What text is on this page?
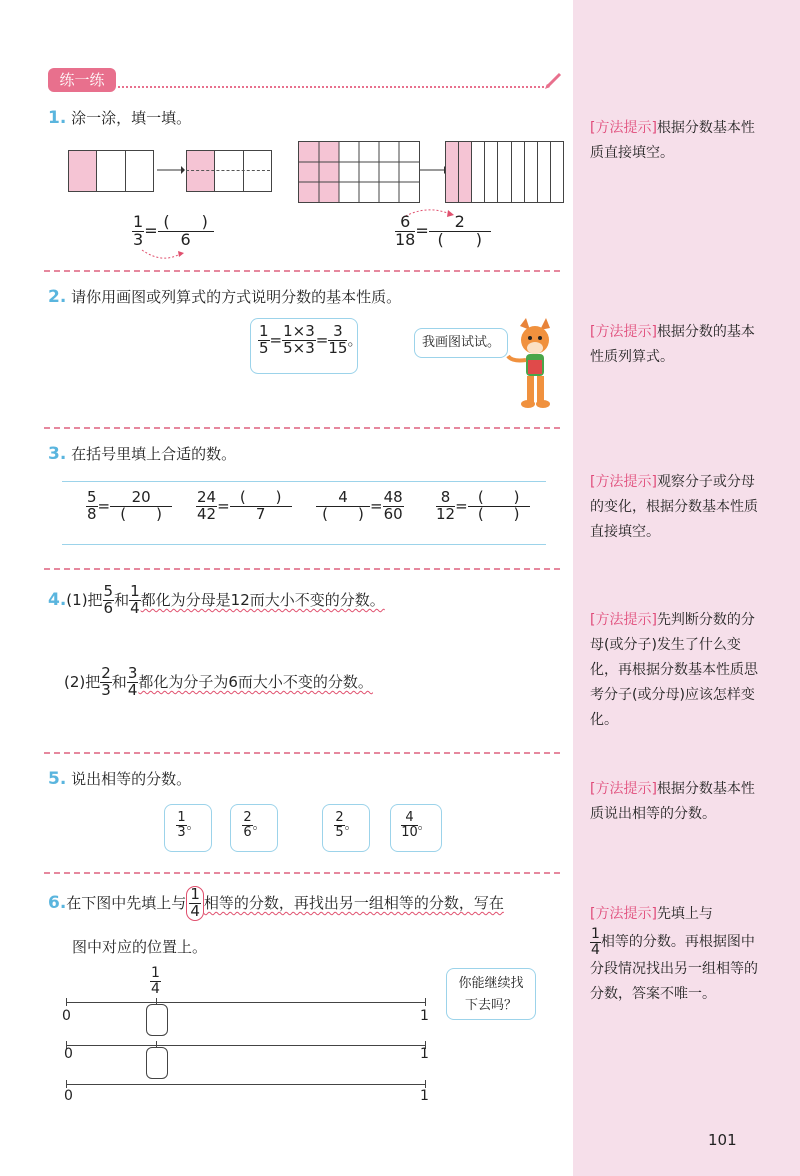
练一练
1. 涂一涂，填一填。
$\frac{1}{3} = \frac{( )}{6}$	$\frac{6}{18} = \frac{2}{( )}$
2. 请你用画图或列算式的方式说明分数的基本性质。
$\frac{1}{5} = \frac{1\times 3}{5\times 3} = \frac{3}{15}$ 。	我画图试试。
3. 在括号里填上合适的数。
$\frac{5}{8} = \frac{20}{( )} \frac{24}{42} = \frac{( )}{7} \frac{4}{( )} = \frac{48}{60} \frac{8}{12} = \frac{( )}{( )}$
4.(1)把 $\frac{5}{6}$ 和 $\frac{1}{4}$ 都化为分母是12而大小不变的分数。
(2)把 $\frac{2}{3}$ 和 $\frac{3}{4}$ 都化为分子为6而大小不变的分数。
5. 说出相等的分数。
$\frac{1}{3}$ 。	$\frac{2}{6}$ 。	$\frac{2}{5}$ 。	$\frac{4}{10}$ 。
6.在下图中先填上与 $\frac{1}{4}$ 相等的分数，再找出另一组相等的分数，写在
图中对应的位置上。
$\frac{1}{4}$	你能继续找
下去吗？
0	1
0	1
0	1
[方法提示]根据分数基本性质直接填空。
[方法提示]根据分数的基本性质列算式。
[方法提示]观察分子或分母的变化，根据分数基本性质直接填空。
[方法提示]先判断分数的分母(或分子)发生了什么变化，再根据分数基本性质思考分子(或分母)应该怎样变化。
[方法提示]根据分数基本性质说出相等的分数。
[方法提示]先填上与

$\frac{1}{4}$ 相等的分数。再根据图中分段情况找出另一组相等的分数，答案不唯一。
101
